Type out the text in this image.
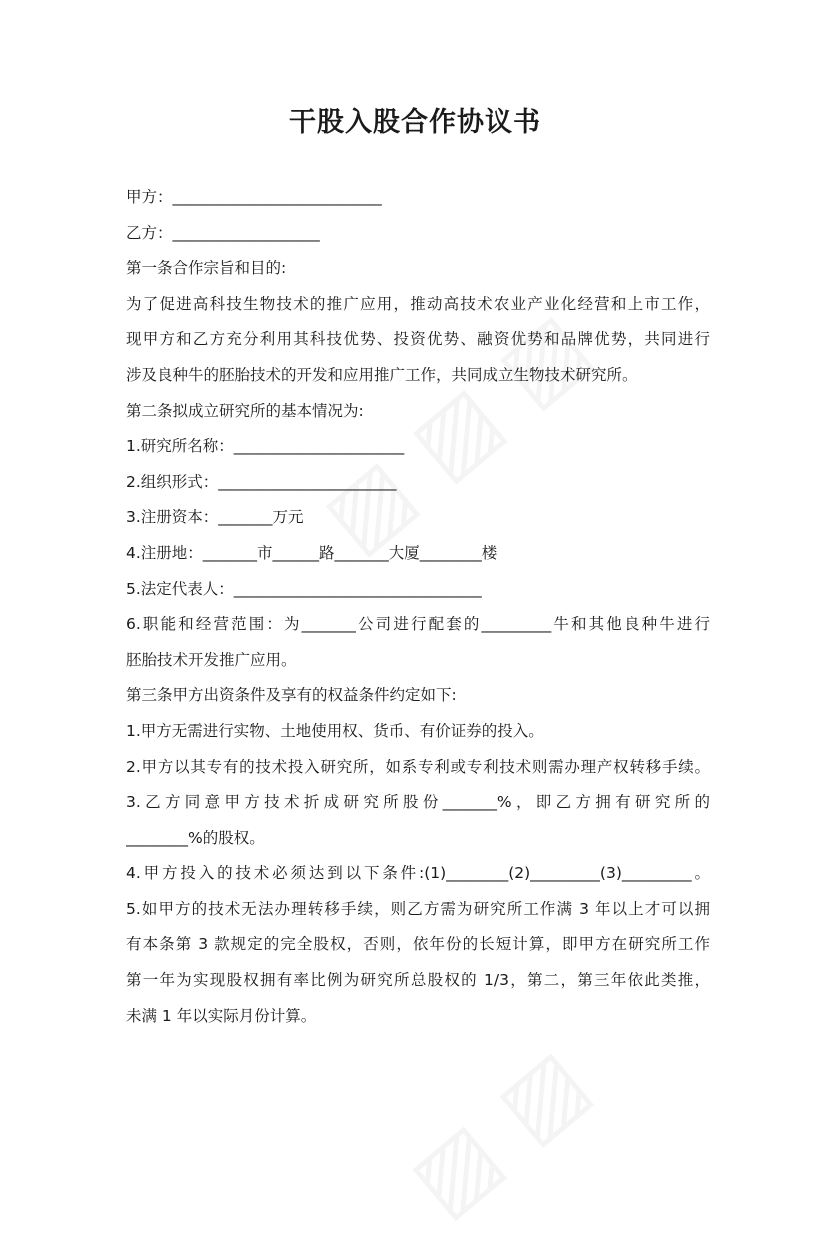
干股入股合作协议书
甲方：___________________________
乙方：___________________
第一条合作宗旨和目的:
为了促进高科技生物技术的推广应用，推动高技术农业产业化经营和上市工作，
现甲方和乙方充分利用其科技优势、投资优势、融资优势和品牌优势，共同进行
涉及良种牛的胚胎技术的开发和应用推广工作，共同成立生物技术研究所。
第二条拟成立研究所的基本情况为:
1.研究所名称：______________________
2.组织形式：_______________________
3.注册资本：_______万元
4.注册地：_______市______路_______大厦________楼
5.法定代表人：________________________________
6.职能和经营范围：为_______公司进行配套的_________牛和其他良种牛进行
胚胎技术开发推广应用。
第三条甲方出资条件及享有的权益条件约定如下:
1.甲方无需进行实物、土地使用权、货币、有价证券的投入。
2.甲方以其专有的技术投入研究所，如系专利或专利技术则需办理产权转移手续。
3.乙方同意甲方技术折成研究所股份_______%，即乙方拥有研究所的
________%的股权。
4.甲方投入的技术必须达到以下条件:(1)________(2)_________(3)_________。
5.如甲方的技术无法办理转移手续，则乙方需为研究所工作满 3 年以上才可以拥
有本条第 3 款规定的完全股权，否则，依年份的长短计算，即甲方在研究所工作
第一年为实现股权拥有率比例为研究所总股权的 1/3，第二，第三年依此类推，
未满 1 年以实际月份计算。
